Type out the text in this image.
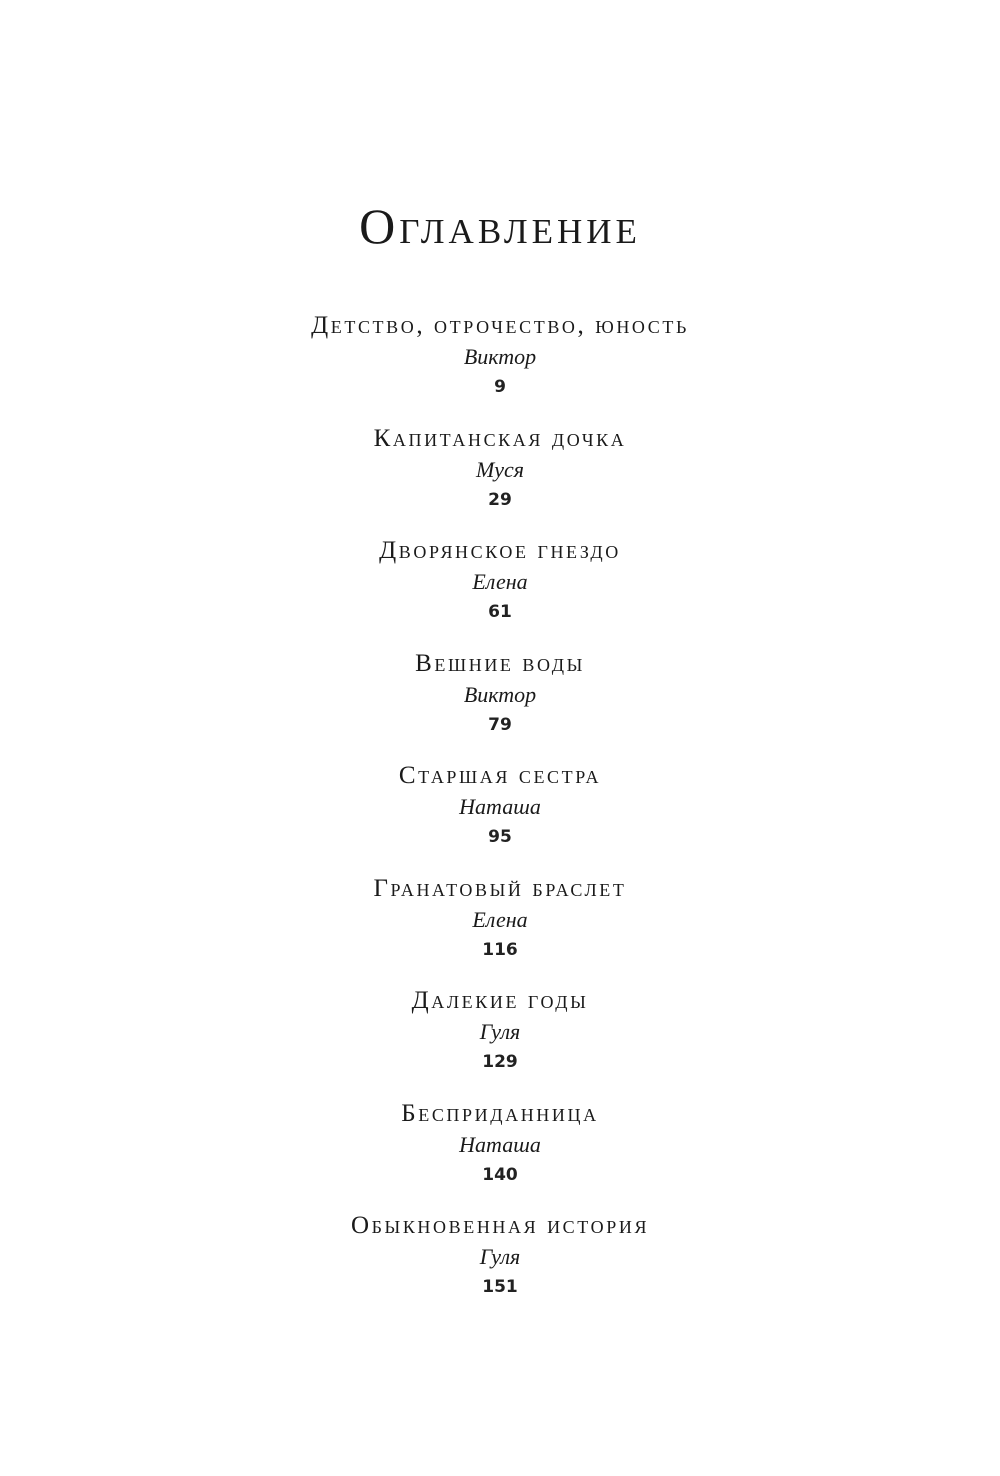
Оглавление
Детство, отрочество, юность
Виктор
9
Капитанская дочка
Муся
29
Дворянское гнездо
Елена
61
Вешние воды
Виктор
79
Старшая сестра
Наташа
95
Гранатовый браслет
Елена
116
Далекие годы
Гуля
129
Бесприданница
Наташа
140
Обыкновенная история
Гуля
151
